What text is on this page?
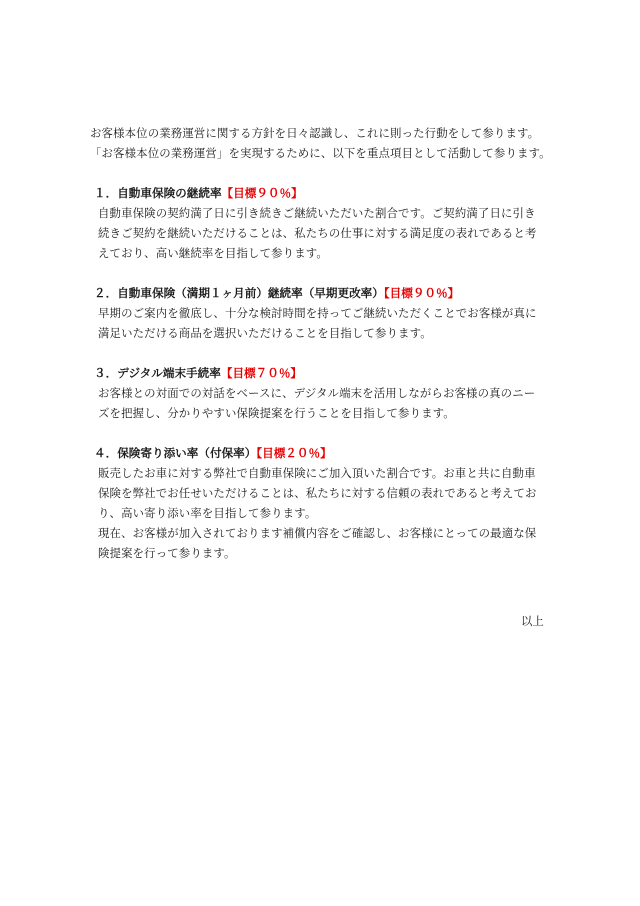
お客様本位の業務運営に関する方針を日々認識し、これに則った行動をして参ります。
「お客様本位の業務運営」を実現するために、以下を重点項目として活動して参ります。
１．自動車保険の継続率【目標９０％】
自動車保険の契約満了日に引き続きご継続いただいた割合です。ご契約満了日に引き
続きご契約を継続いただけることは、私たちの仕事に対する満足度の表れであると考
えており、高い継続率を目指して参ります。
２．自動車保険（満期１ヶ月前）継続率（早期更改率）【目標９０％】
早期のご案内を徹底し、十分な検討時間を持ってご継続いただくことでお客様が真に
満足いただける商品を選択いただけることを目指して参ります。
３．デジタル端末手続率【目標７０％】
お客様との対面での対話をベースに、デジタル端末を活用しながらお客様の真のニー
ズを把握し、分かりやすい保険提案を行うことを目指して参ります。
４．保険寄り添い率（付保率）【目標２０％】
販売したお車に対する弊社で自動車保険にご加入頂いた割合です。お車と共に自動車
保険を弊社でお任せいただけることは、私たちに対する信頼の表れであると考えてお
り、高い寄り添い率を目指して参ります。
現在、お客様が加入されております補償内容をご確認し、お客様にとっての最適な保
険提案を行って参ります。
以上
